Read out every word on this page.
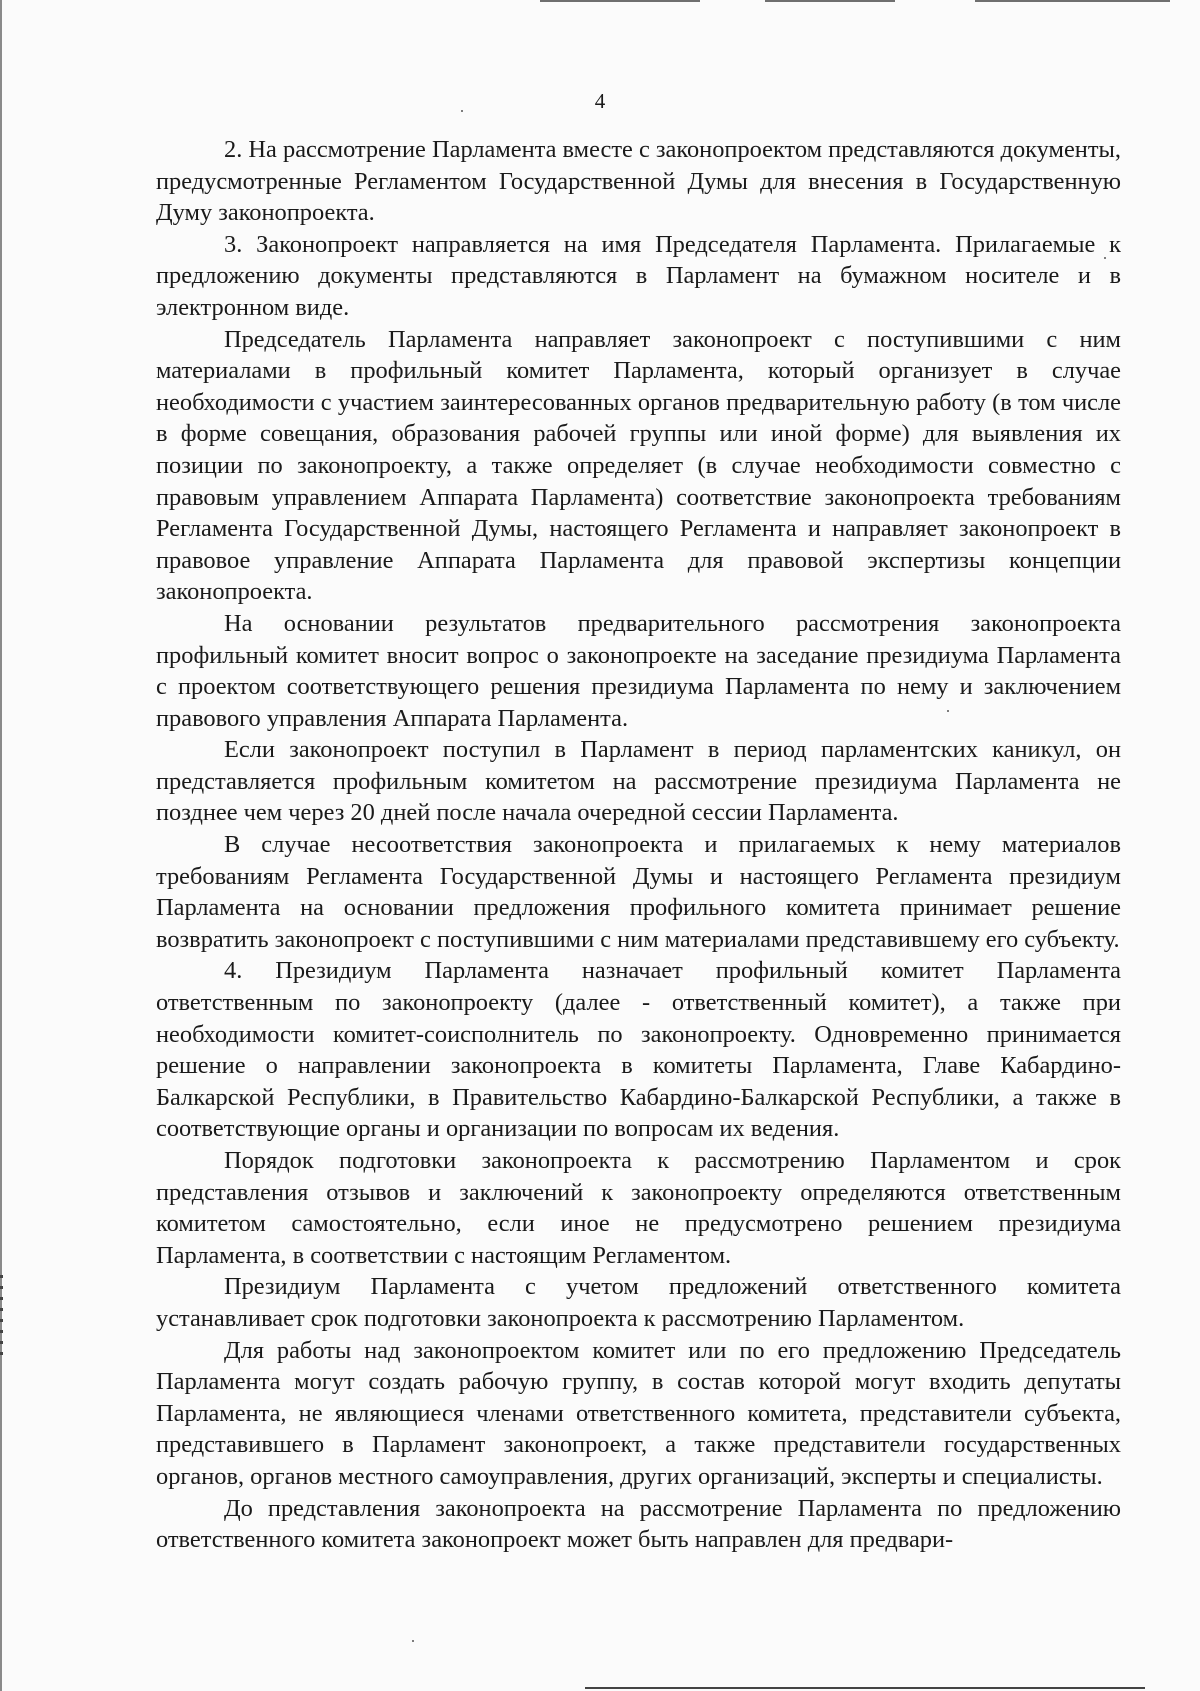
4

2. На рассмотрение Парламента вместе с законопроектом представляются документы, предусмотренные Регламентом Государственной Думы для внесения в Государственную Думу законопроекта.

3. Законопроект направляется на имя Председателя Парламента. Прилагаемые к предложению документы представляются в Парламент на бумажном носителе и в электронном виде.

Председатель Парламента направляет законопроект с поступившими с ним материалами в профильный комитет Парламента, который организует в случае необходимости с участием заинтересованных органов предварительную работу (в том числе в форме совещания, образования рабочей группы или иной форме) для выявления их позиции по законопроекту, а также определяет (в случае необходимости совместно с правовым управлением Аппарата Парламента) соответствие законопроекта требованиям Регламента Государственной Думы, настоящего Регламента и направляет законопроект в правовое управление Аппарата Парламента для правовой экспертизы концепции законопроекта.

На основании результатов предварительного рассмотрения законопроекта профильный комитет вносит вопрос о законопроекте на заседание президиума Парламента с проектом соответствующего решения президиума Парламента по нему и заключением правового управления Аппарата Парламента.

Если законопроект поступил в Парламент в период парламентских каникул, он представляется профильным комитетом на рассмотрение президиума Парламента не позднее чем через 20 дней после начала очередной сессии Парламента.

В случае несоответствия законопроекта и прилагаемых к нему материалов требованиям Регламента Государственной Думы и настоящего Регламента президиум Парламента на основании предложения профильного комитета принимает решение возвратить законопроект с поступившими с ним материалами представившему его субъекту.

4. Президиум Парламента назначает профильный комитет Парламента ответственным по законопроекту (далее - ответственный комитет), а также при необходимости комитет-соисполнитель по законопроекту. Одновременно принимается решение о направлении законопроекта в комитеты Парламента, Главе Кабардино-Балкарской Республики, в Правительство Кабардино-Балкарской Республики, а также в соответствующие органы и организации по вопросам их ведения.

Порядок подготовки законопроекта к рассмотрению Парламентом и срок представления отзывов и заключений к законопроекту определяются ответственным комитетом самостоятельно, если иное не предусмотрено решением президиума Парламента, в соответствии с настоящим Регламентом.

Президиум Парламента с учетом предложений ответственного комитета устанавливает срок подготовки законопроекта к рассмотрению Парламентом.

Для работы над законопроектом комитет или по его предложению Председатель Парламента могут создать рабочую группу, в состав которой могут входить депутаты Парламента, не являющиеся членами ответственного комитета, представители субъекта, представившего в Парламент законопроект, а также представители государственных органов, органов местного самоуправления, других организаций, эксперты и специалисты.

До представления законопроекта на рассмотрение Парламента по предложению ответственного комитета законопроект может быть направлен для предвари-
